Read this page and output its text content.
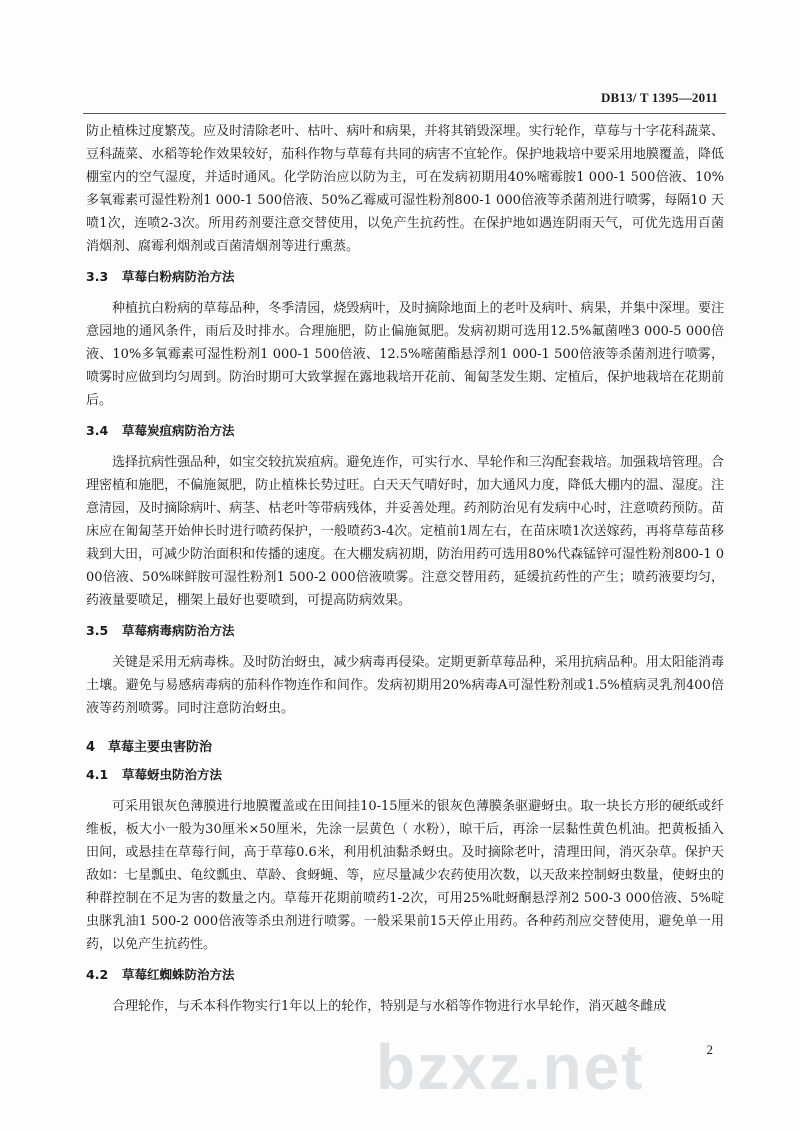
DB13/ T 1395—2011

防止植株过度繁茂。应及时清除老叶、枯叶、病叶和病果，并将其销毁深埋。实行轮作，草莓与十字花科蔬菜、豆科蔬菜、水稻等轮作效果较好，茄科作物与草莓有共同的病害不宜轮作。保护地栽培中要采用地膜覆盖，降低棚室内的空气湿度，并适时通风。化学防治应以防为主，可在发病初期用40%嘧霉胺1 000-1 500倍液、10%多氧霉素可湿性粉剂1 000-1 500倍液、50%乙霉威可湿性粉剂800-1 000倍液等杀菌剂进行喷雾，每隔10 天喷1次，连喷2-3次。所用药剂要注意交替使用，以免产生抗药性。在保护地如遇连阴雨天气，可优先选用百菌消烟剂、腐霉利烟剂或百菌清烟剂等进行熏蒸。

3.3 草莓白粉病防治方法

种植抗白粉病的草莓品种，冬季清园，烧毁病叶，及时摘除地面上的老叶及病叶、病果，并集中深埋。要注意园地的通风条件，雨后及时排水。合理施肥，防止偏施氮肥。发病初期可选用12.5%氟菌唑3 000-5 000倍液、10%多氧霉素可湿性粉剂1 000-1 500倍液、12.5%嘧菌酯悬浮剂1 000-1 500倍液等杀菌剂进行喷雾，喷雾时应做到均匀周到。防治时期可大致掌握在露地栽培开花前、匍匐茎发生期、定植后，保护地栽培在花期前后。

3.4 草莓炭疽病防治方法

选择抗病性强品种，如宝交较抗炭疽病。避免连作，可实行水、旱轮作和三沟配套栽培。加强栽培管理。合理密植和施肥，不偏施氮肥，防止植株长势过旺。白天天气晴好时，加大通风力度，降低大棚内的温、湿度。注意清园，及时摘除病叶、病茎、枯老叶等带病残体，并妥善处理。药剂防治见有发病中心时，注意喷药预防。苗床应在匍匐茎开始伸长时进行喷药保护，一般喷药3-4次。定植前1周左右，在苗床喷1次送嫁药，再将草莓苗移栽到大田，可减少防治面积和传播的速度。在大棚发病初期，防治用药可选用80%代森锰锌可湿性粉剂800-1 000倍液、50%咪鲜胺可湿性粉剂1 500-2 000倍液喷雾。注意交替用药，延缓抗药性的产生；喷药液要均匀，药液量要喷足，棚架上最好也要喷到，可提高防病效果。

3.5 草莓病毒病防治方法

关键是采用无病毒株。及时防治蚜虫，减少病毒再侵染。定期更新草莓品种，采用抗病品种。用太阳能消毒土壤。避免与易感病毒病的茄科作物连作和间作。发病初期用20%病毒A可湿性粉剂或1.5%植病灵乳剂400倍液等药剂喷雾。同时注意防治蚜虫。

4 草莓主要虫害防治
4.1 草莓蚜虫防治方法

可采用银灰色薄膜进行地膜覆盖或在田间挂10-15厘米的银灰色薄膜条驱避蚜虫。取一块长方形的硬纸或纤维板，板大小一般为30厘米×50厘米，先涂一层黄色（ 水粉），晾干后，再涂一层黏性黄色机油。把黄板插入田间，或悬挂在草莓行间，高于草莓0.6米，利用机油黏杀蚜虫。及时摘除老叶，清理田间，消灭杂草。保护天敌如：七星瓢虫、龟纹瓢虫、草龄、食蚜蝇、等，应尽量减少农药使用次数，以天敌来控制蚜虫数量，使蚜虫的种群控制在不足为害的数量之内。草莓开花期前喷药1-2次，可用25%吡蚜酮悬浮剂2 500-3 000倍液、5%啶虫脒乳油1 500-2 000倍液等杀虫剂进行喷雾。一般采果前15天停止用药。各种药剂应交替使用，避免单一用药，以免产生抗药性。

4.2 草莓红蜘蛛防治方法

合理轮作，与禾本科作物实行1年以上的轮作，特别是与水稻等作物进行水旱轮作，消灭越冬雌成

bzxz.net	2
